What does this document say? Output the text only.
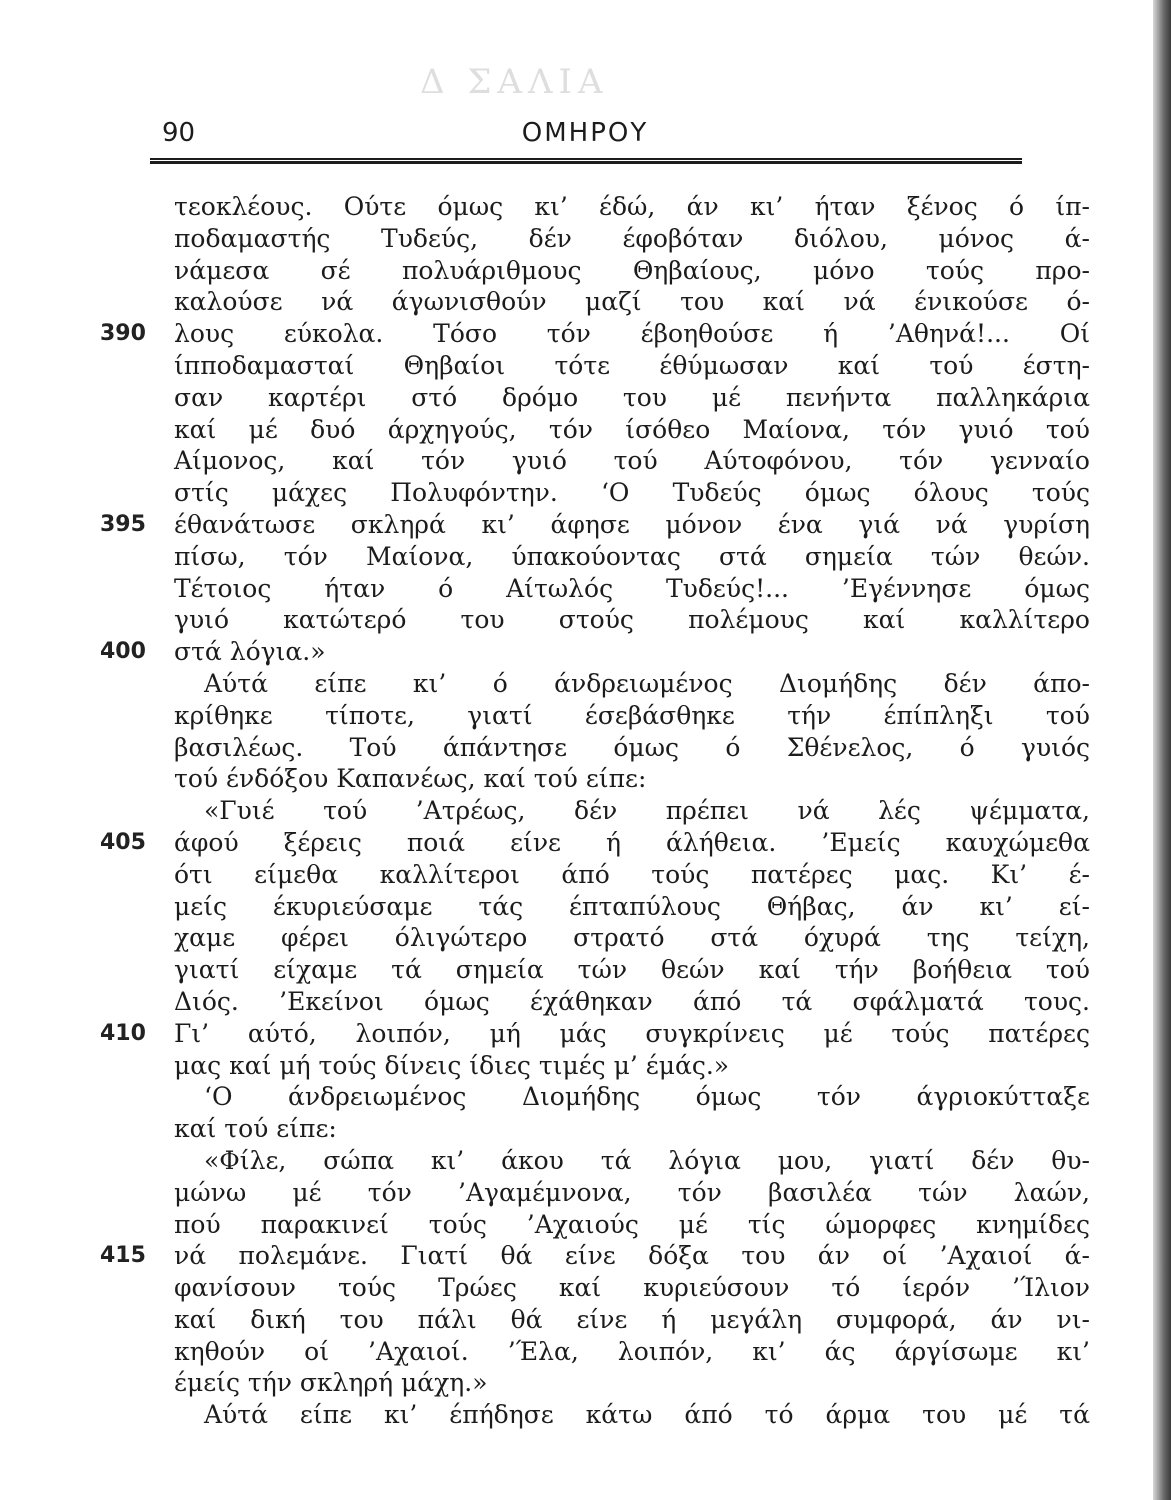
Δ ΣΑΛΙΑ
90	ΟΜΗΡΟΥ
τεοκλέους. Ούτε όμως κι’ έδώ, άν κι’ ήταν ξένος ό ίπ-
ποδαμαστής Τυδεύς, δέν έφοβόταν διόλου, μόνος ά-
νάμεσα σέ πολυάριθμους Θηβαίους, μόνο τούς προ-
καλούσε νά άγωνισθούν μαζί του καί νά ένικούσε ό-
390	λους εύκολα. Τόσο τόν έβοηθούσε ή ’Αθηνά!... Οί
ίπποδαμασταί Θηβαίοι τότε έθύμωσαν καί τού έστη-
σαν καρτέρι στό δρόμο του μέ πενήντα παλληκάρια
καί μέ δυό άρχηγούς, τόν ίσόθεο Μαίονα, τόν γυιό τού
Αίμονος, καί τόν γυιό τού Αύτοφόνου, τόν γενναίο
στίς μάχες Πολυφόντην. ‘Ο Τυδεύς όμως όλους τούς
395	έθανάτωσε σκληρά κι’ άφησε μόνον ένα γιά νά γυρίση
πίσω, τόν Μαίονα, ύπακούοντας στά σημεία τών θεών.
Τέτοιος ήταν ό Αίτωλός Τυδεύς!... ’Εγέννησε όμως
γυιό κατώτερό του στούς πολέμους καί καλλίτερο
400	στά λόγια.»
Αύτά είπε κι’ ό άνδρειωμένος Διομήδης δέν άπο-
κρίθηκε τίποτε, γιατί έσεβάσθηκε τήν έπίπληξι τού
βασιλέως. Τού άπάντησε όμως ό Σθένελος, ό γυιός
τού ένδόξου Καπανέως, καί τού είπε:
«Γυιέ τού ’Ατρέως, δέν πρέπει νά λές ψέμματα,
405	άφού ξέρεις ποιά είνε ή άλήθεια. ’Εμείς καυχώμεθα
ότι είμεθα καλλίτεροι άπό τούς πατέρες μας. Κι’ έ-
μείς έκυριεύσαμε τάς έπταπύλους Θήβας, άν κι’ εί-
χαμε φέρει όλιγώτερο στρατό στά όχυρά της τείχη,
γιατί είχαμε τά σημεία τών θεών καί τήν βοήθεια τού
Διός. ’Εκείνοι όμως έχάθηκαν άπό τά σφάλματά τους.
410	Γι’ αύτό, λοιπόν, μή μάς συγκρίνεις μέ τούς πατέρες
μας καί μή τούς δίνεις ίδιες τιμές μ’ έμάς.»
‘Ο άνδρειωμένος Διομήδης όμως τόν άγριοκύτταξε
καί τού είπε:
«Φίλε, σώπα κι’ άκου τά λόγια μου, γιατί δέν θυ-
μώνω μέ τόν ’Αγαμέμνονα, τόν βασιλέα τών λαών,
πού παρακινεί τούς ’Αχαιούς μέ τίς ώμορφες κνημίδες
415	νά πολεμάνε. Γιατί θά είνε δόξα του άν οί ’Αχαιοί ά-
φανίσουν τούς Τρώες καί κυριεύσουν τό ίερόν ’Ίλιον
καί δική του πάλι θά είνε ή μεγάλη συμφορά, άν νι-
κηθούν οί ’Αχαιοί. ’Έλα, λοιπόν, κι’ άς άργίσωμε κι’
έμείς τήν σκληρή μάχη.»
Αύτά είπε κι’ έπήδησε κάτω άπό τό άρμα του μέ τά
